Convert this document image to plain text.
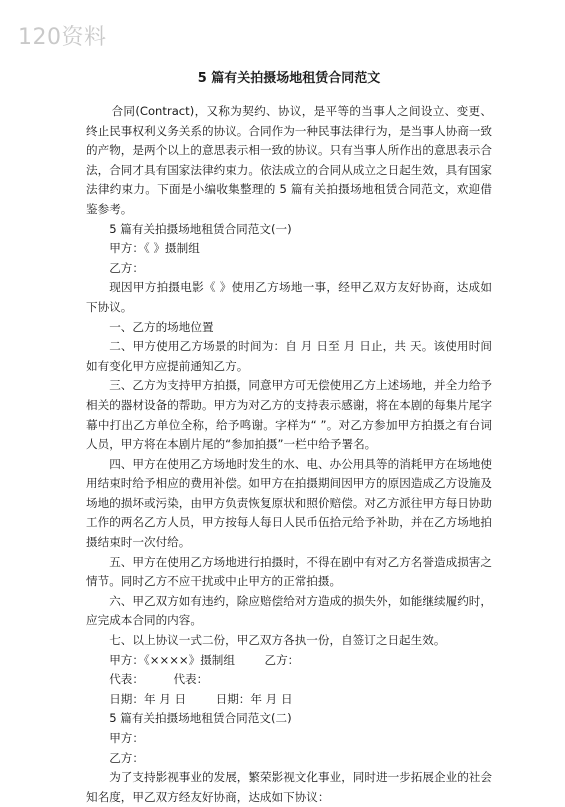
120资料
5 篇有关拍摄场地租赁合同范文

合同(Contract)，又称为契约、协议，是平等的当事人之间设立、变更、终止民事权利义务关系的协议。合同作为一种民事法律行为，是当事人协商一致的产物，是两个以上的意思表示相一致的协议。只有当事人所作出的意思表示合法，合同才具有国家法律约束力。依法成立的合同从成立之日起生效，具有国家法律约束力。下面是小编收集整理的 5 篇有关拍摄场地租赁合同范文，欢迎借鉴参考。

5 篇有关拍摄场地租赁合同范文(一)

甲方：《 》摄制组

乙方：

现因甲方拍摄电影《 》使用乙方场地一事，经甲乙双方友好协商，达成如下协议。

一、乙方的场地位置

二、甲方使用乙方场景的时间为：自 月 日至 月 日止，共 天。该使用时间如有变化甲方应提前通知乙方。

三、乙方为支持甲方拍摄，同意甲方可无偿使用乙方上述场地，并全力给予相关的器材设备的帮助。甲方为对乙方的支持表示感谢，将在本剧的每集片尾字幕中打出乙方单位全称，给予鸣谢。字样为“ ”。对乙方参加甲方拍摄之有台词人员，甲方将在本剧片尾的“参加拍摄”一栏中给予署名。

四、甲方在使用乙方场地时发生的水、电、办公用具等的消耗甲方在场地使用结束时给予相应的费用补偿。如甲方在拍摄期间因甲方的原因造成乙方设施及场地的损坏或污染，由甲方负责恢复原状和照价赔偿。对乙方派往甲方每日协助工作的两名乙方人员，甲方按每人每日人民币伍拾元给予补助，并在乙方场地拍摄结束时一次付给。

五、甲方在使用乙方场地进行拍摄时，不得在剧中有对乙方名誉造成损害之情节。同时乙方不应干扰或中止甲方的正常拍摄。

六、甲乙双方如有违约，除应赔偿给对方造成的损失外，如能继续履约时，应完成本合同的内容。

七、以上协议一式二份，甲乙双方各执一份，自签订之日起生效。

甲方：《××××》摄制组        乙方：

代表：        代表：

日期：年 月 日        日期：年 月 日

5 篇有关拍摄场地租赁合同范文(二)

甲方：

乙方：

为了支持影视事业的发展，繁荣影视文化事业，同时进一步拓展企业的社会知名度，甲乙双方经友好协商，达成如下协议：
